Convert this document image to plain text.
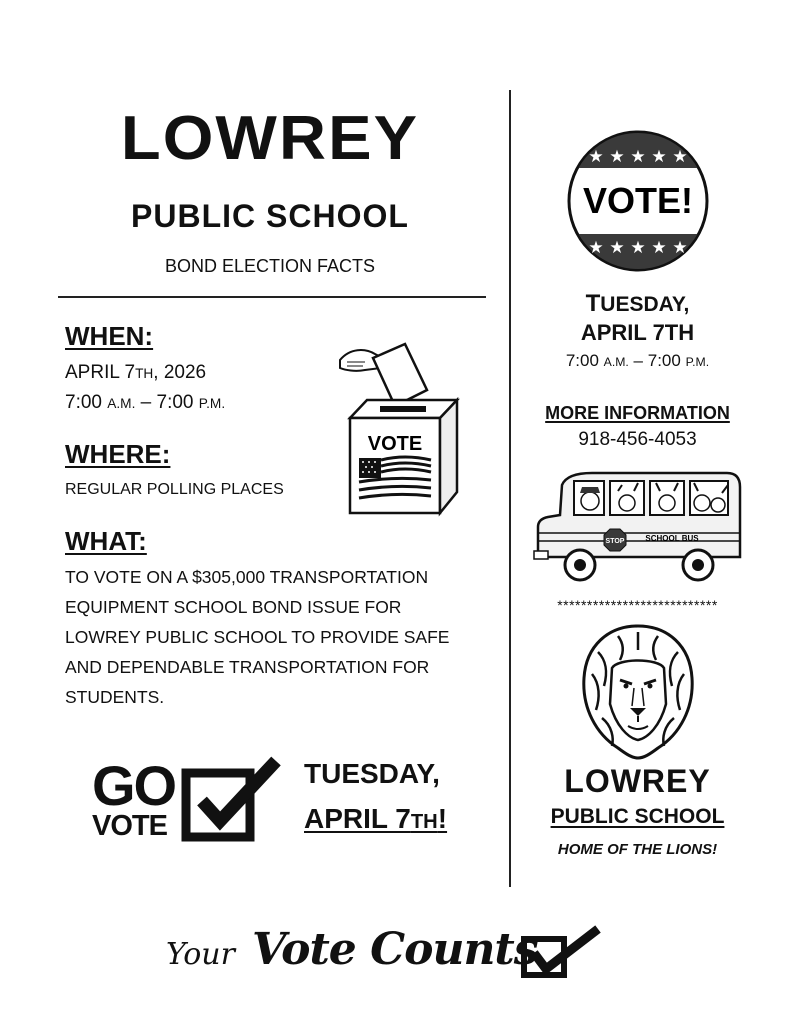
LOWREY
PUBLIC SCHOOL
BOND ELECTION FACTS
WHEN:
APRIL 7TH, 2026
7:00 A.M. – 7:00 P.M.
WHERE:
REGULAR POLLING PLACES
WHAT:
TO VOTE ON A $305,000 TRANSPORTATION
EQUIPMENT SCHOOL BOND ISSUE FOR
LOWREY PUBLIC SCHOOL TO PROVIDE SAFE
AND DEPENDABLE TRANSPORTATION FOR
STUDENTS.
VOTE
GO
VOTE
TUESDAY,
APRIL 7TH!
★ ★ ★ ★ ★
★ ★ ★ ★ ★
VOTE!
TUESDAY,
APRIL 7TH
7:00 A.M. – 7:00 P.M.
MORE INFORMATION
918-456-4053
STOP	SCHOOL BUS
***************************
LOWREY
PUBLIC SCHOOL
HOME OF THE LIONS!
Your Vote Counts
